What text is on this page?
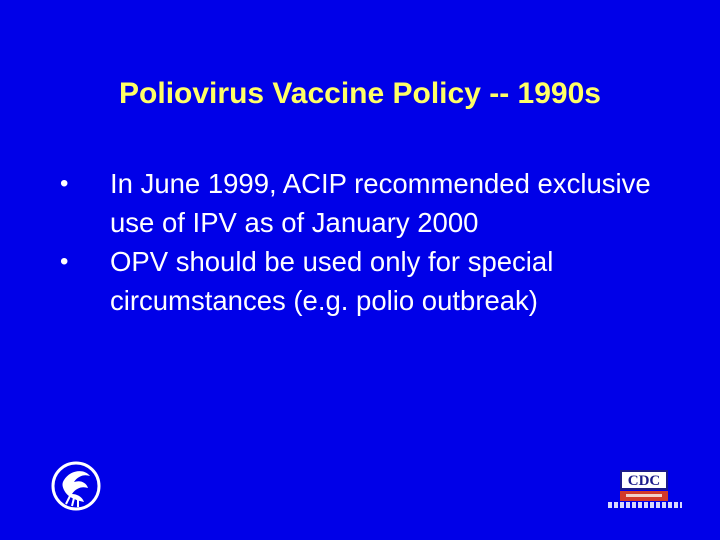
Poliovirus Vaccine Policy -- 1990s
• In June 1999, ACIP recommended exclusive use of IPV as of January 2000
• OPV should be used only for special circumstances (e.g. polio outbreak)
CDC
